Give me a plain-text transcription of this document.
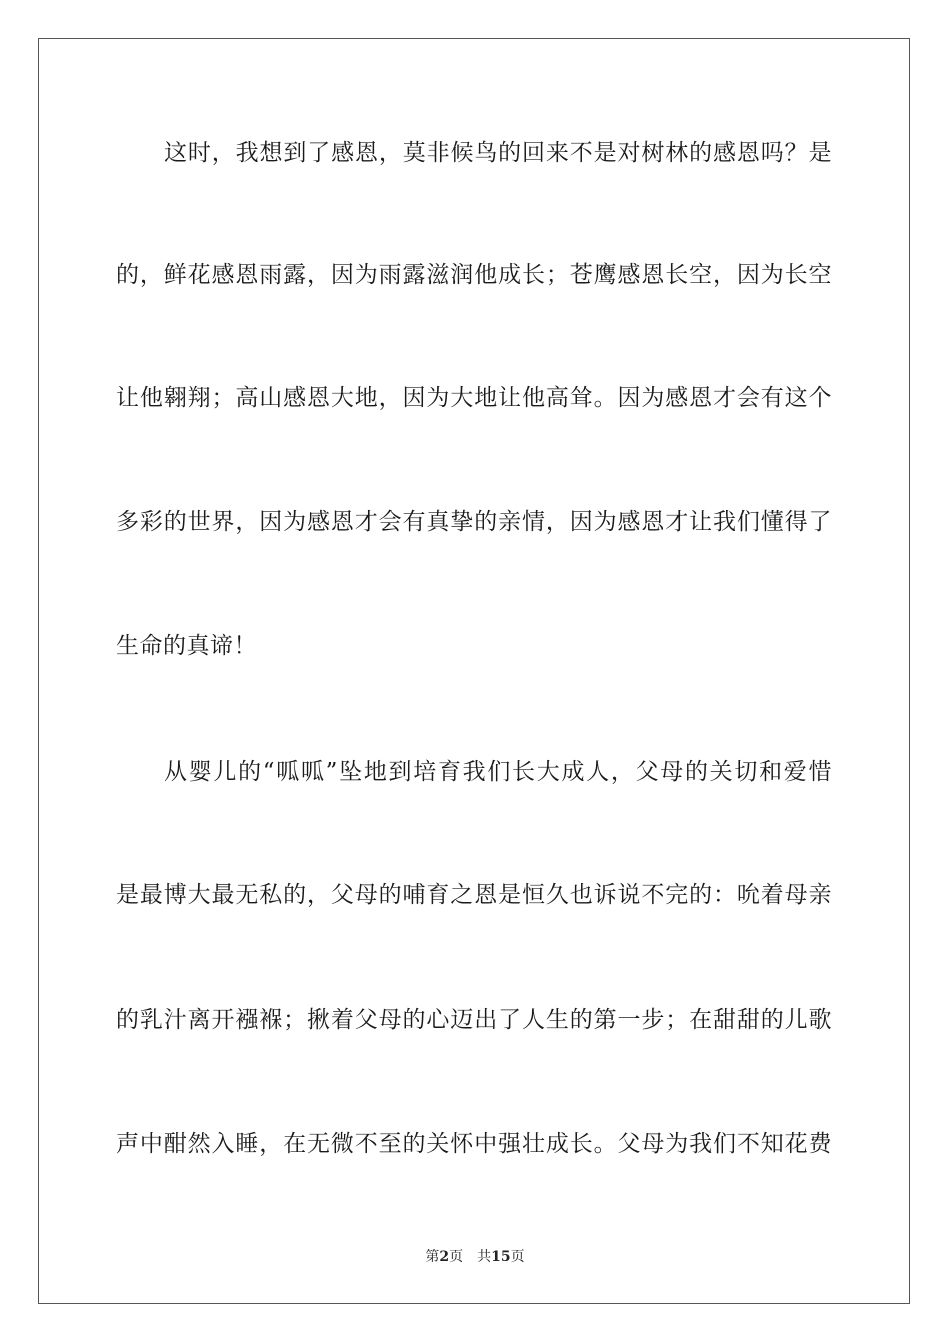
这时，我想到了感恩，莫非候鸟的回来不是对树林的感恩吗？是
的，鲜花感恩雨露，因为雨露滋润他成长；苍鹰感恩长空，因为长空
让他翱翔；高山感恩大地，因为大地让他高耸。因为感恩才会有这个
多彩的世界，因为感恩才会有真挚的亲情，因为感恩才让我们懂得了
生命的真谛！
从婴儿的“呱呱”坠地到培育我们长大成人，父母的关切和爱惜
是最博大最无私的，父母的哺育之恩是恒久也诉说不完的：吮着母亲
的乳汁离开襁褓；揪着父母的心迈出了人生的第一步；在甜甜的儿歌
声中酣然入睡，在无微不至的关怀中强壮成长。父母为我们不知花费
第2页 共15页
